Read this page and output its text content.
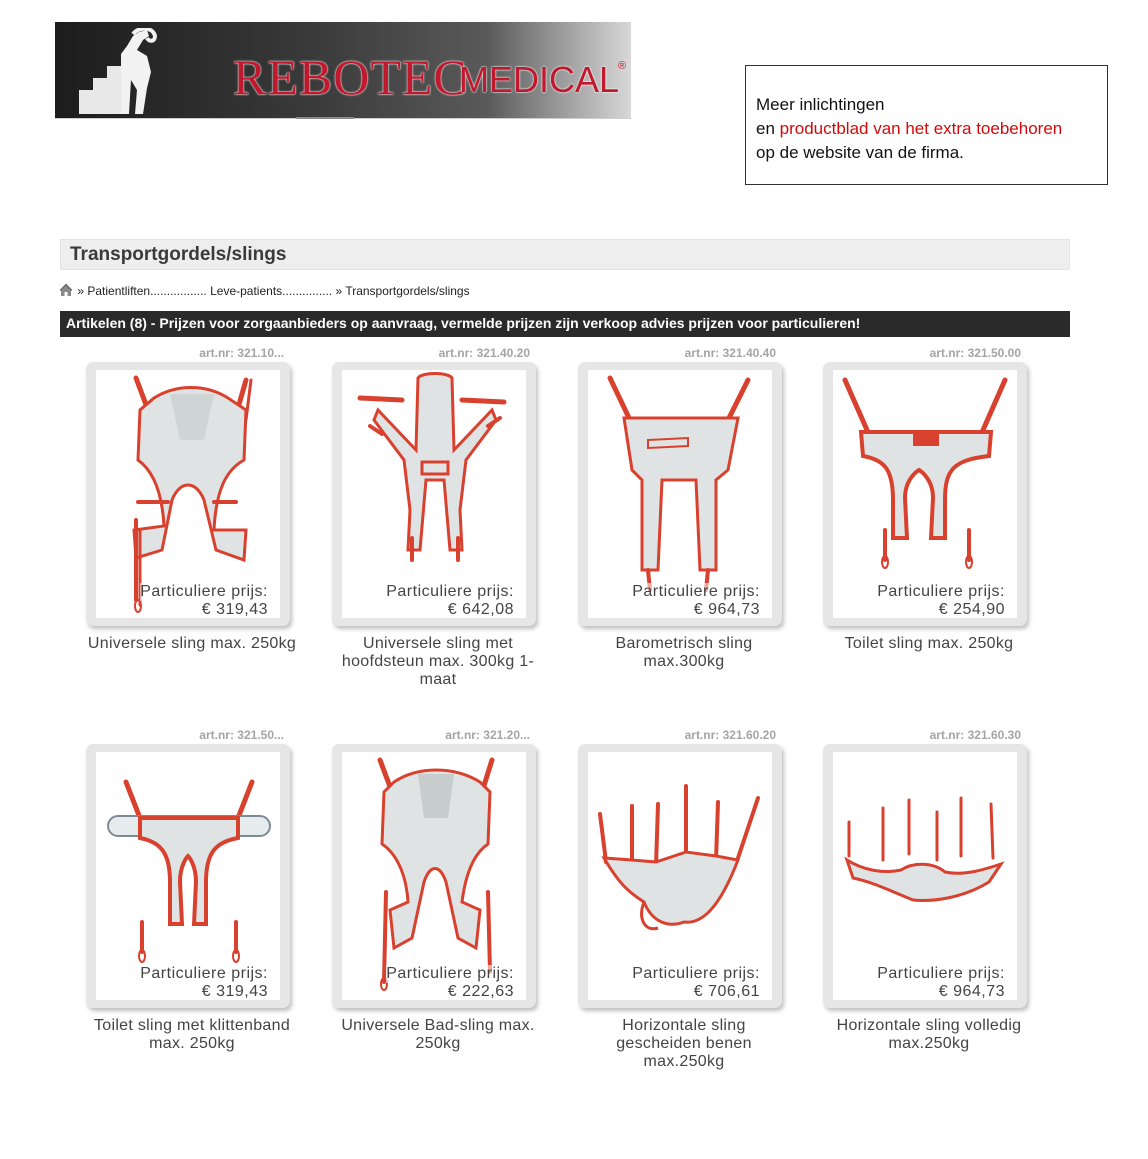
REBOTEC
MEDICAL
®
Meer inlichtingen
en productblad van het extra toebehoren
op de website van de firma.
Transportgordels/slings
» Patientliften................. Leve-patients............... » Transportgordels/slings
Artikelen (8) - Prijzen voor zorgaanbieders op aanvraag, vermelde prijzen zijn verkoop advies prijzen voor particulieren!
art.nr: 321.10...
Particuliere prijs:
€ 319,43
Universele sling max. 250kg
art.nr: 321.40.20
Particuliere prijs:
€ 642,08
Universele sling met hoofdsteun max. 300kg 1-maat
art.nr: 321.40.40
Particuliere prijs:
€ 964,73
Barometrisch sling max.300kg
art.nr: 321.50.00
Particuliere prijs:
€ 254,90
Toilet sling max. 250kg
art.nr: 321.50...
Particuliere prijs:
€ 319,43
Toilet sling met klittenband max. 250kg
art.nr: 321.20...
Particuliere prijs:
€ 222,63
Universele Bad-sling max. 250kg
art.nr: 321.60.20
Particuliere prijs:
€ 706,61
Horizontale sling gescheiden benen max.250kg
art.nr: 321.60.30
Particuliere prijs:
€ 964,73
Horizontale sling volledig max.250kg
